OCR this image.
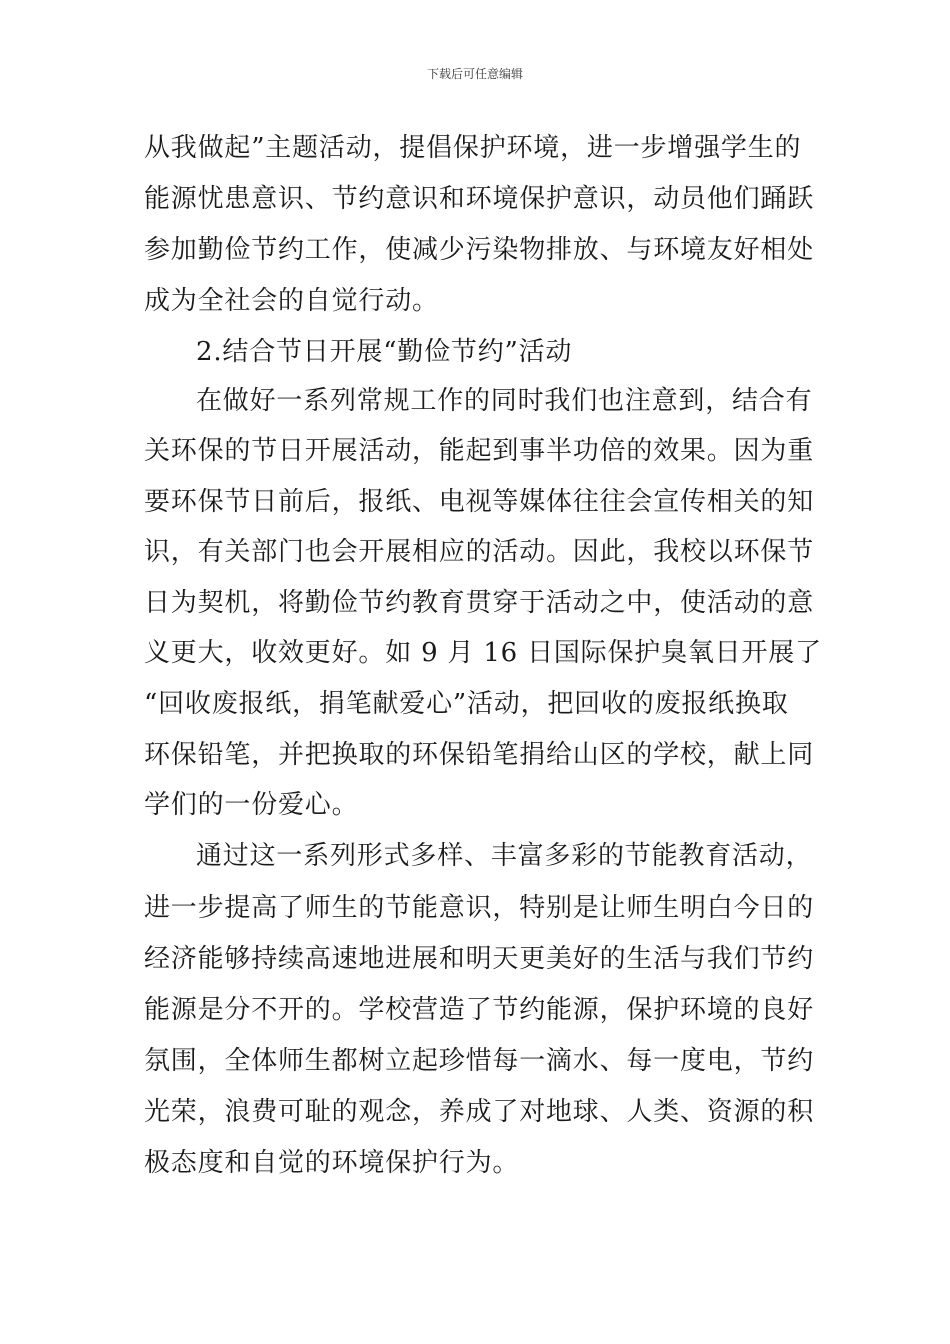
下载后可任意编辑
从我做起”主题活动，提倡保护环境，进一步增强学生的
能源忧患意识、节约意识和环境保护意识，动员他们踊跃
参加勤俭节约工作，使减少污染物排放、与环境友好相处
成为全社会的自觉行动。
2.结合节日开展“勤俭节约”活动
在做好一系列常规工作的同时我们也注意到，结合有
关环保的节日开展活动，能起到事半功倍的效果。因为重
要环保节日前后，报纸、电视等媒体往往会宣传相关的知
识，有关部门也会开展相应的活动。因此，我校以环保节
日为契机，将勤俭节约教育贯穿于活动之中，使活动的意
义更大，收效更好。如 9 月 16 日国际保护臭氧日开展了
“回收废报纸，捐笔献爱心”活动，把回收的废报纸换取
环保铅笔，并把换取的环保铅笔捐给山区的学校，献上同
学们的一份爱心。
通过这一系列形式多样、丰富多彩的节能教育活动，
进一步提高了师生的节能意识，特别是让师生明白今日的
经济能够持续高速地进展和明天更美好的生活与我们节约
能源是分不开的。学校营造了节约能源，保护环境的良好
氛围，全体师生都树立起珍惜每一滴水、每一度电，节约
光荣，浪费可耻的观念，养成了对地球、人类、资源的积
极态度和自觉的环境保护行为。
